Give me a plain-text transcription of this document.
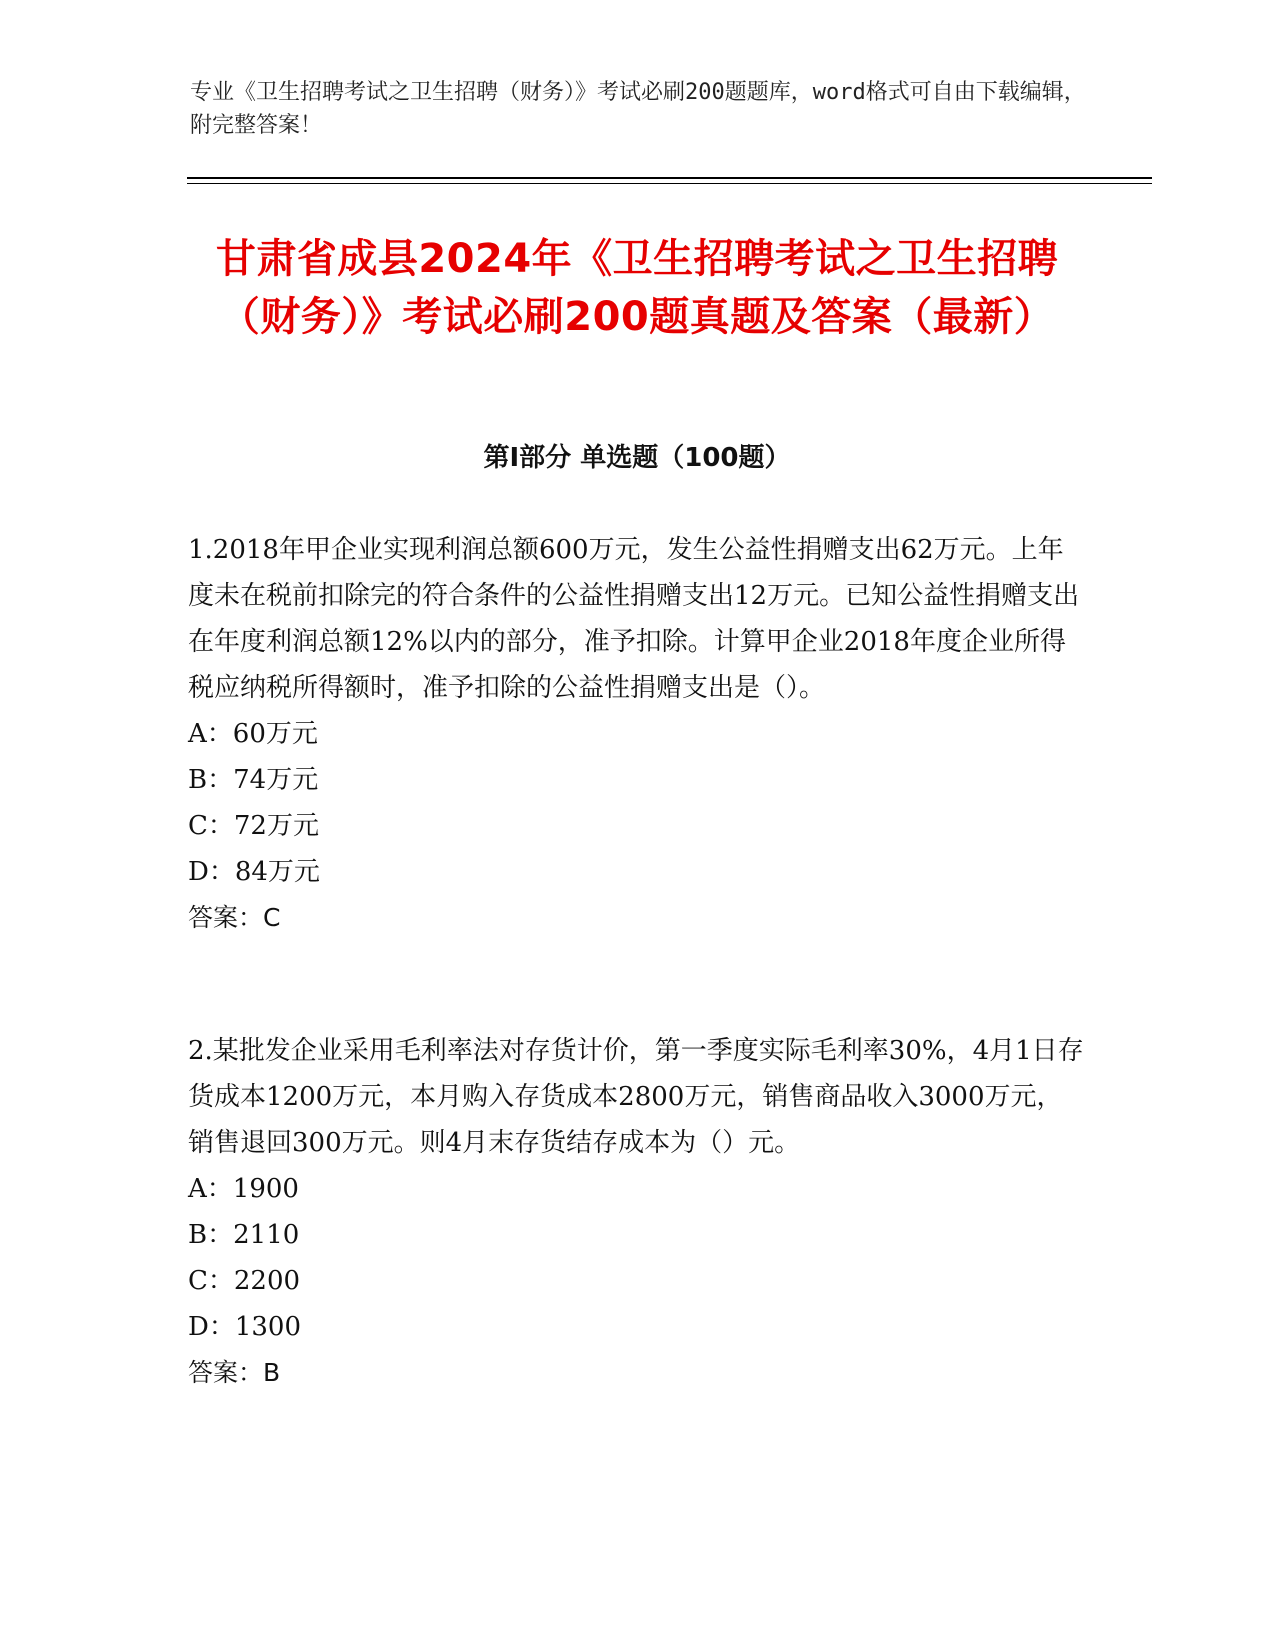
专业《卫生招聘考试之卫生招聘（财务）》考试必刷200题题库，word格式可自由下载编辑，附完整答案！
甘肃省成县2024年《卫生招聘考试之卫生招聘（财务）》考试必刷200题真题及答案（最新）
第I部分 单选题（100题）

1.2018年甲企业实现利润总额600万元，发生公益性捐赠支出62万元。上年度未在税前扣除完的符合条件的公益性捐赠支出12万元。已知公益性捐赠支出在年度利润总额12%以内的部分，准予扣除。计算甲企业2018年度企业所得税应纳税所得额时，准予扣除的公益性捐赠支出是（）。

A：60万元

B：74万元

C：72万元

D：84万元

答案：C

2.某批发企业采用毛利率法对存货计价，第一季度实际毛利率30%，4月1日存货成本1200万元，本月购入存货成本2800万元，销售商品收入3000万元，销售退回300万元。则4月末存货结存成本为（）元。

A：1900

B：2110

C：2200

D：1300

答案：B
